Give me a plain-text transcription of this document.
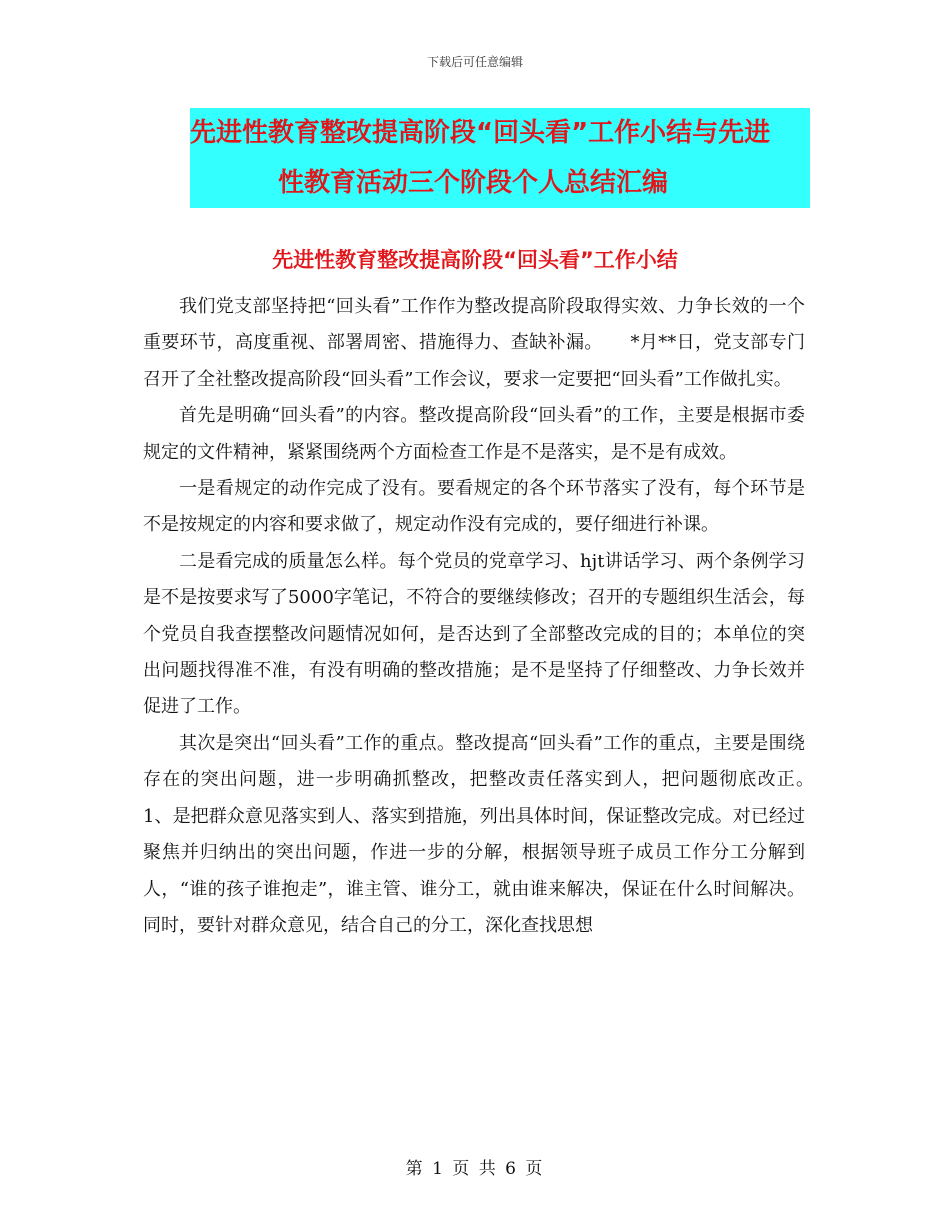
下载后可任意编辑
先进性教育整改提高阶段“回头看”工作小结与先进
性教育活动三个阶段个人总结汇编
先进性教育整改提高阶段“回头看”工作小结

我们党支部坚持把“回头看”工作作为整改提高阶段取得实效、力争长效的一个重要环节，高度重视、部署周密、措施得力、查缺补漏。　　*月**日，党支部专门召开了全社整改提高阶段“回头看”工作会议，要求一定要把“回头看”工作做扎实。

首先是明确“回头看”的内容。整改提高阶段“回头看”的工作，主要是根据市委规定的文件精神，紧紧围绕两个方面检查工作是不是落实，是不是有成效。

一是看规定的动作完成了没有。要看规定的各个环节落实了没有，每个环节是不是按规定的内容和要求做了，规定动作没有完成的，要仔细进行补课。

二是看完成的质量怎么样。每个党员的党章学习、hjt讲话学习、两个条例学习是不是按要求写了5000字笔记，不符合的要继续修改；召开的专题组织生活会，每个党员自我查摆整改问题情况如何，是否达到了全部整改完成的目的；本单位的突出问题找得准不准，有没有明确的整改措施；是不是坚持了仔细整改、力争长效并促进了工作。

其次是突出“回头看”工作的重点。整改提高“回头看”工作的重点，主要是围绕存在的突出问题，进一步明确抓整改，把整改责任落实到人，把问题彻底改正。　　　　1、是把群众意见落实到人、落实到措施，列出具体时间，保证整改完成。对已经过聚焦并归纳出的突出问题，作进一步的分解，根据领导班子成员工作分工分解到人，“谁的孩子谁抱走”，谁主管、谁分工，就由谁来解决，保证在什么时间解决。同时，要针对群众意见，结合自己的分工，深化查找思想

第 1 页 共 6 页
